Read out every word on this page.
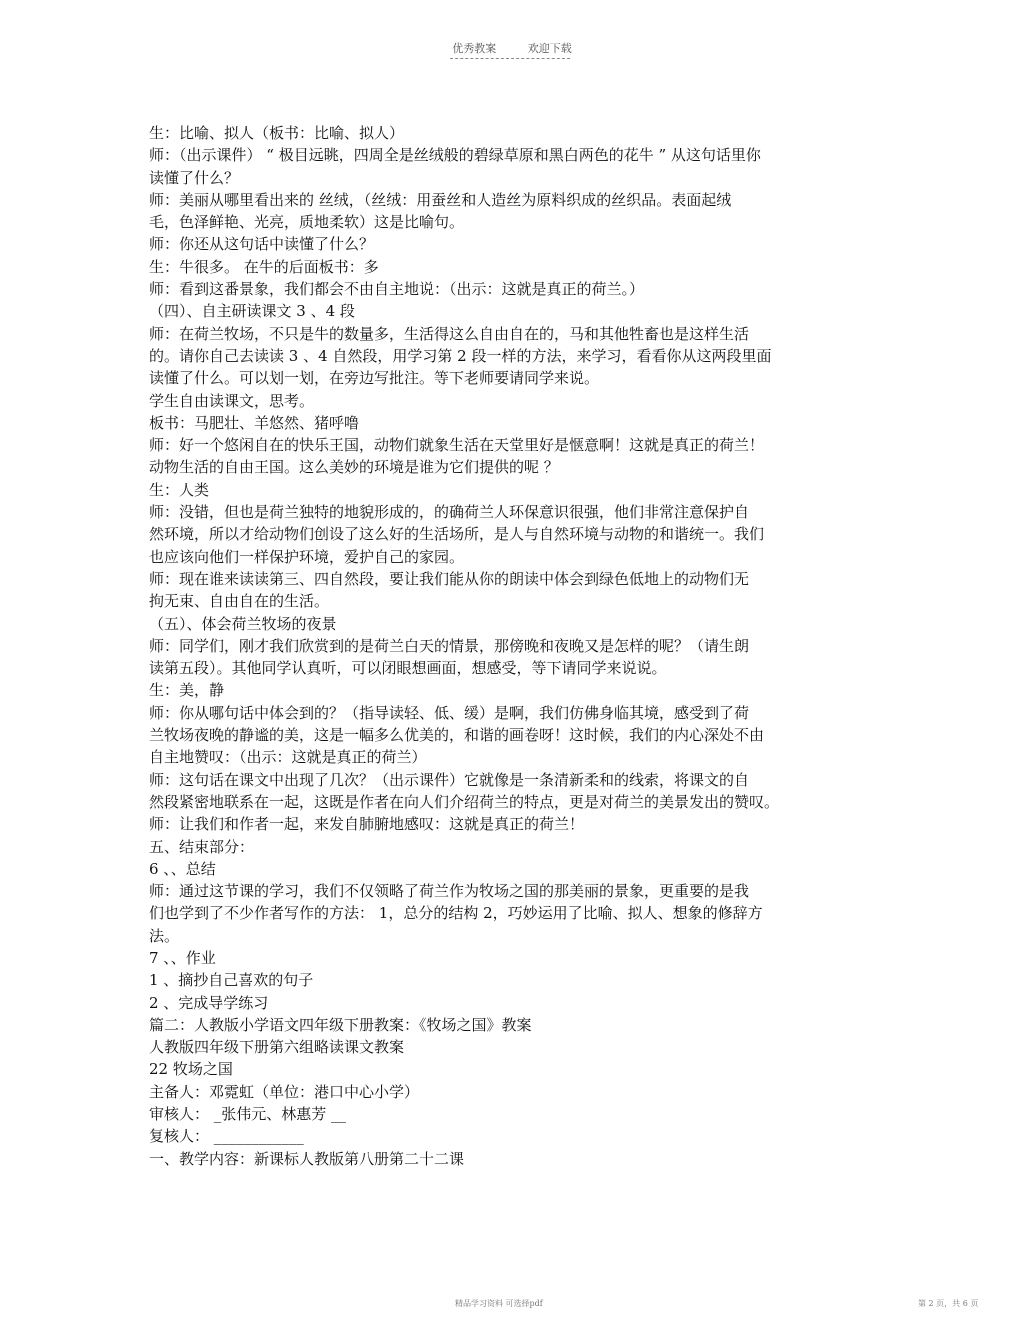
优秀教案	欢迎下载
生：比喻、拟人（板书：比喻、拟人）
师：（出示课件） “ 极目远眺，四周全是丝绒般的碧绿草原和黑白两色的花牛 ” 从这句话里你
读懂了什么？
师：美丽从哪里看出来的 丝绒，（丝绒：用蚕丝和人造丝为原料织成的丝织品。表面起绒
毛，色泽鲜艳、光亮，质地柔软）这是比喻句。
师：你还从这句话中读懂了什么？
生：牛很多。 在牛的后面板书：多
师：看到这番景象，我们都会不由自主地说：（出示：这就是真正的荷兰。）
（四）、自主研读课文 3 、4 段
师：在荷兰牧场，不只是牛的数量多，生活得这么自由自在的，马和其他牲畜也是这样生活
的。请你自己去读读 3 、4 自然段，用学习第 2 段一样的方法，来学习，看看你从这两段里面
读懂了什么。可以划一划，在旁边写批注。等下老师要请同学来说。
学生自由读课文，思考。
板书：马肥壮、羊悠然、猪呼噜
师：好一个悠闲自在的快乐王国，动物们就象生活在天堂里好是惬意啊！这就是真正的荷兰！
动物生活的自由王国。这么美妙的环境是谁为它们提供的呢 ？
生：人类
师：没错，但也是荷兰独特的地貌形成的，的确荷兰人环保意识很强，他们非常注意保护自
然环境，所以才给动物们创设了这么好的生活场所，是人与自然环境与动物的和谐统一。我们
也应该向他们一样保护环境，爱护自己的家园。
师：现在谁来读读第三、四自然段，要让我们能从你的朗读中体会到绿色低地上的动物们无
拘无束、自由自在的生活。
（五）、体会荷兰牧场的夜景
师：同学们，刚才我们欣赏到的是荷兰白天的情景，那傍晚和夜晚又是怎样的呢？（请生朗
读第五段）。其他同学认真听，可以闭眼想画面，想感受，等下请同学来说说。
生：美，静
师：你从哪句话中体会到的？（指导读轻、低、缓）是啊，我们仿佛身临其境，感受到了荷
兰牧场夜晚的静谧的美，这是一幅多么优美的，和谐的画卷呀！这时候，我们的内心深处不由
自主地赞叹：（出示：这就是真正的荷兰）
师：这句话在课文中出现了几次？（出示课件）它就像是一条清新柔和的线索，将课文的自
然段紧密地联系在一起，这既是作者在向人们介绍荷兰的特点，更是对荷兰的美景发出的赞叹。
师：让我们和作者一起，来发自肺腑地感叹：这就是真正的荷兰！
五、结束部分：
6 、、总结
师：通过这节课的学习，我们不仅领略了荷兰作为牧场之国的那美丽的景象，更重要的是我
们也学到了不少作者写作的方法： 1，总分的结构 2，巧妙运用了比喻、拟人、想象的修辞方
法。
7 、、作业
1 、摘抄自己喜欢的句子
2 、完成导学练习
篇二：人教版小学语文四年级下册教案：《牧场之国》教案
人教版四年级下册第六组略读课文教案
22 牧场之国
主备人：邓霓虹（单位：港口中心小学）
审核人： _张伟元、林惠芳 __
复核人： ____________
一、教学内容：新课标人教版第八册第二十二课
精品学习资料 可选择pdf	第 2 页，共 6 页
